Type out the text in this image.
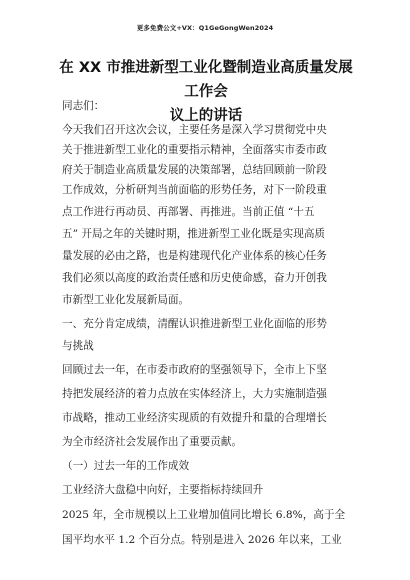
更多免费公文+VX：Q1GeGongWen2024
在 XX 市推进新型工业化暨制造业高质量发展工作会
议上的讲话
同志们：
今天我们召开这次会议，主要任务是深入学习贯彻党中央
关于推进新型工业化的重要指示精神，全面落实市委市政
府关于制造业高质量发展的决策部署，总结回顾前一阶段
工作成效，分析研判当前面临的形势任务，对下一阶段重
点工作进行再动员、再部署、再推进。当前正值 “十五
五” 开局之年的关键时期，推进新型工业化既是实现高质
量发展的必由之路，也是构建现代化产业体系的核心任务
我们必须以高度的政治责任感和历史使命感，奋力开创我
市新型工业化发展新局面。
一、充分肯定成绩，清醒认识推进新型工业化面临的形势
与挑战
回顾过去一年，在市委市政府的坚强领导下，全市上下坚
持把发展经济的着力点放在实体经济上，大力实施制造强
市战略，推动工业经济实现质的有效提升和量的合理增长
为全市经济社会发展作出了重要贡献。
（一）过去一年的工作成效
工业经济大盘稳中向好，主要指标持续回升
2025 年，全市规模以上工业增加值同比增长 6.8%，高于全
国平均水平 1.2 个百分点。特别是进入 2026 年以来，工业
